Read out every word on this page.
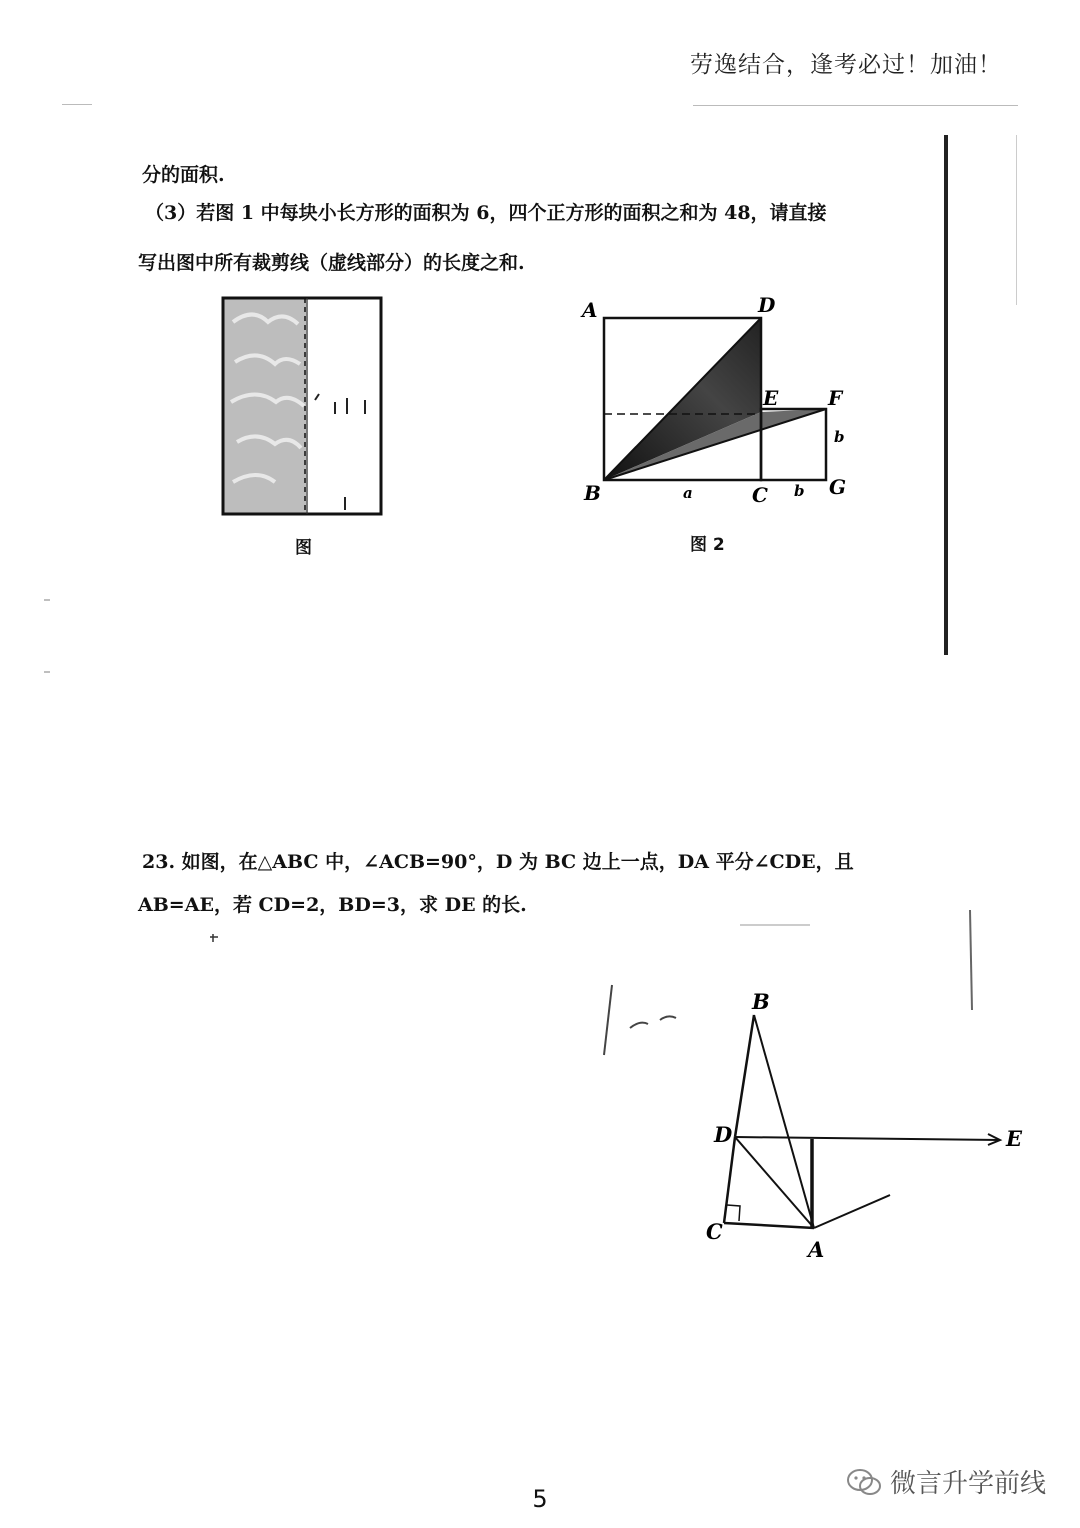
劳逸结合，逢考必过！加油！
分的面积.
（3）若图 1 中每块小长方形的面积为 6，四个正方形的面积之和为 48，请直接
写出图中所有裁剪线（虚线部分）的长度之和.
图
A	D
E F
B	C	G
a	b
b
图 2
23. 如图，在△ABC 中，∠ACB=90°，D 为 BC 边上一点，DA 平分∠CDE，且
AB=AE，若 CD=2，BD=3，求 DE 的长.
B
D	E
C
A
5	微言升学前线
